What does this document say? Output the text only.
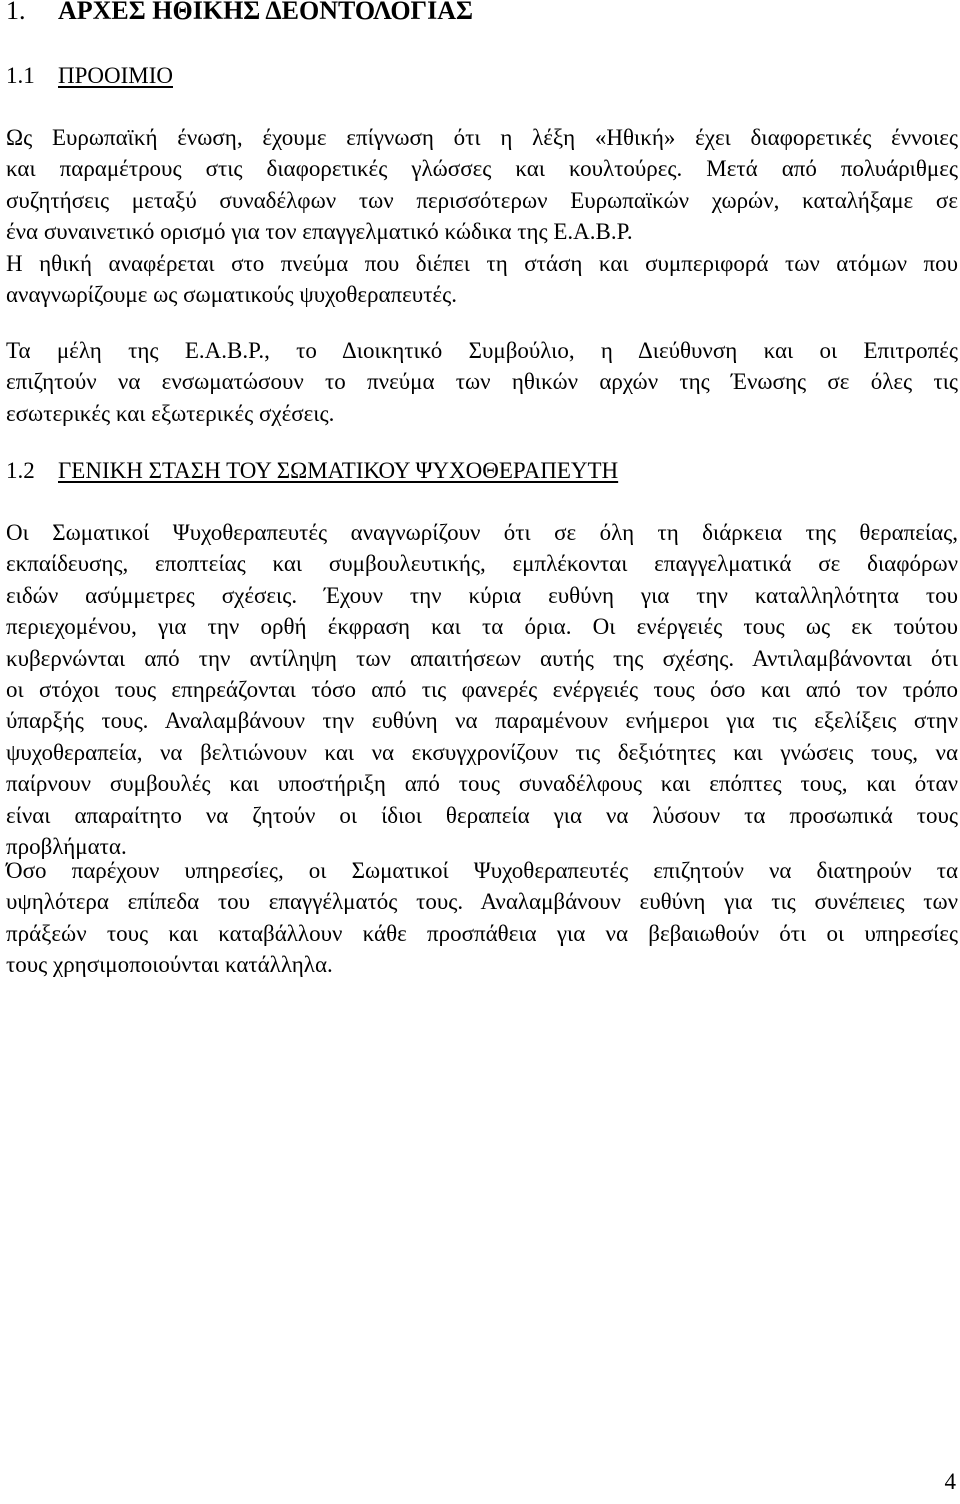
1. ΑΡΧΕΣ ΗΘΙΚΗΣ ΔΕΟΝΤΟΛΟΓΙΑΣ
1.1 ΠΡΟΟΙΜΙΟ
Ως Ευρωπαϊκή ένωση, έχουμε επίγνωση ότι η λέξη «Ηθική» έχει διαφορετικές έννοιες
και παραμέτρους στις διαφορετικές γλώσσες και κουλτούρες. Μετά από πολυάριθμες
συζητήσεις μεταξύ συναδέλφων των περισσότερων Ευρωπαϊκών χωρών, καταλήξαμε σε
ένα συναινετικό ορισμό για τον επαγγελματικό κώδικα της Ε.Α.Β.Ρ.
Η ηθική αναφέρεται στο πνεύμα που διέπει τη στάση και συμπεριφορά των ατόμων που
αναγνωρίζουμε ως σωματικούς ψυχοθεραπευτές.
Τα μέλη της Ε.Α.Β.Ρ., το Διοικητικό Συμβούλιο, η Διεύθυνση και οι Επιτροπές
επιζητούν να ενσωματώσουν το πνεύμα των ηθικών αρχών της Ένωσης σε όλες τις
εσωτερικές και εξωτερικές σχέσεις.
1.2 ΓΕΝΙΚΗ ΣΤΑΣΗ ΤΟΥ ΣΩΜΑΤΙΚΟΥ ΨΥΧΟΘΕΡΑΠΕΥΤΗ
Οι Σωματικοί Ψυχοθεραπευτές αναγνωρίζουν ότι σε όλη τη διάρκεια της θεραπείας,
εκπαίδευσης, εποπτείας και συμβουλευτικής, εμπλέκονται επαγγελματικά σε διαφόρων
ειδών ασύμμετρες σχέσεις. Έχουν την κύρια ευθύνη για την καταλληλότητα του
περιεχομένου, για την ορθή έκφραση και τα όρια. Οι ενέργειές τους ως εκ τούτου
κυβερνώνται από την αντίληψη των απαιτήσεων αυτής της σχέσης. Αντιλαμβάνονται ότι
οι στόχοι τους επηρεάζονται τόσο από τις φανερές ενέργειές τους όσο και από τον τρόπο
ύπαρξής τους. Αναλαμβάνουν την ευθύνη να παραμένουν ενήμεροι για τις εξελίξεις στην
ψυχοθεραπεία, να βελτιώνουν και να εκσυγχρονίζουν τις δεξιότητες και γνώσεις τους, να
παίρνουν συμβουλές και υποστήριξη από τους συναδέλφους και επόπτες τους, και όταν
είναι απαραίτητο να ζητούν οι ίδιοι θεραπεία για να λύσουν τα προσωπικά τους
προβλήματα.
Όσο παρέχουν υπηρεσίες, οι Σωματικοί Ψυχοθεραπευτές επιζητούν να διατηρούν τα
υψηλότερα επίπεδα του επαγγέλματός τους. Αναλαμβάνουν ευθύνη για τις συνέπειες των
πράξεών τους και καταβάλλουν κάθε προσπάθεια για να βεβαιωθούν ότι οι υπηρεσίες
τους χρησιμοποιούνται κατάλληλα.
4
